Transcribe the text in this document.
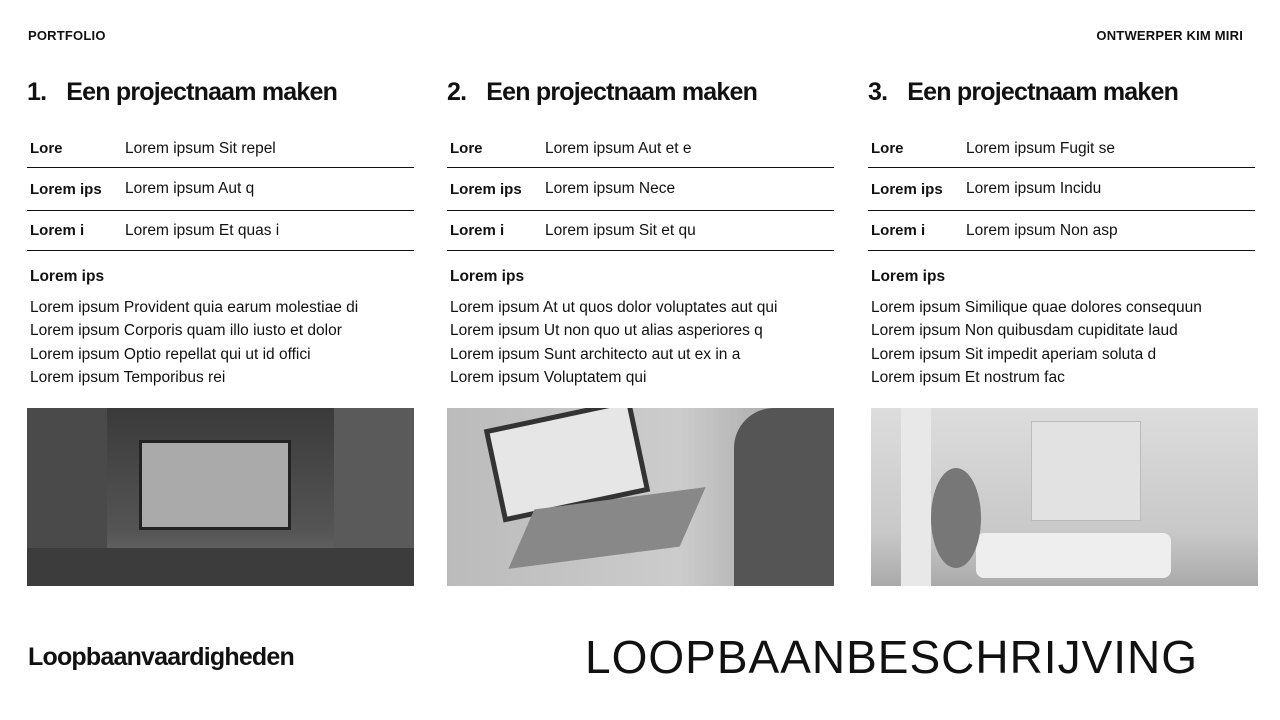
PORTFOLIO	ONTWERPER KIM MIRI
1. Een projectnaam maken
Lore	Lorem ipsum Sit repel
Lorem ips	Lorem ipsum Aut q
Lorem i	Lorem ipsum Et quas i
Lorem ips

Lorem ipsum Provident quia earum molestiae di

Lorem ipsum Corporis quam illo iusto et dolor

Lorem ipsum Optio repellat qui ut id offici

Lorem ipsum Temporibus rei

2. Een projectnaam maken
Lore	Lorem ipsum Aut et e
Lorem ips	Lorem ipsum Nece
Lorem i	Lorem ipsum Sit et qu
Lorem ips

Lorem ipsum At ut quos dolor voluptates aut qui

Lorem ipsum Ut non quo ut alias asperiores q

Lorem ipsum Sunt architecto aut ut ex in a

Lorem ipsum Voluptatem qui

3. Een projectnaam maken
Lore	Lorem ipsum Fugit se
Lorem ips	Lorem ipsum Incidu
Lorem i	Lorem ipsum Non asp
Lorem ips

Lorem ipsum Similique quae dolores consequun

Lorem ipsum Non quibusdam cupiditate laud

Lorem ipsum Sit impedit aperiam soluta d

Lorem ipsum Et nostrum fac

Loopbaanvaardigheden	LOOPBAANBESCHRIJVING
